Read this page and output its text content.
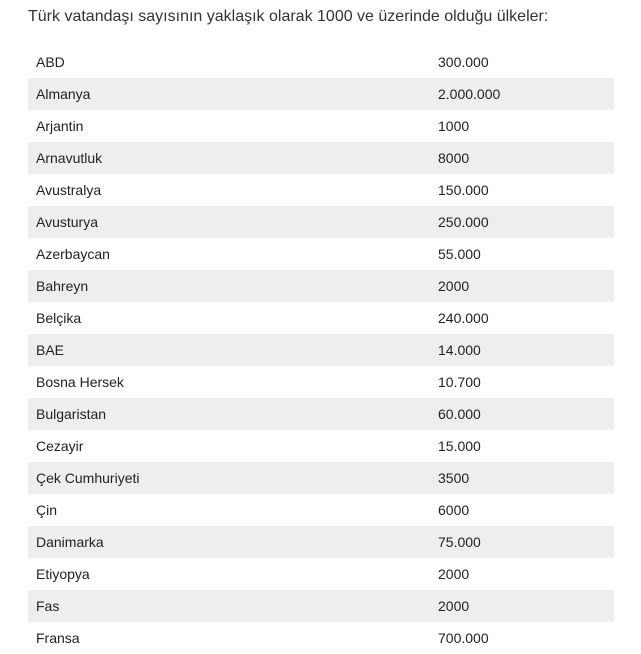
Türk vatandaşı sayısının yaklaşık olarak 1000 ve üzerinde olduğu ülkeler:

ABD	300.000
Almanya	2.000.000
Arjantin	1000
Arnavutluk	8000
Avustralya	150.000
Avusturya	250.000
Azerbaycan	55.000
Bahreyn	2000
Belçika	240.000
BAE	14.000
Bosna Hersek	10.700
Bulgaristan	60.000
Cezayir	15.000
Çek Cumhuriyeti	3500
Çin	6000
Danimarka	75.000
Etiyopya	2000
Fas	2000
Fransa	700.000
